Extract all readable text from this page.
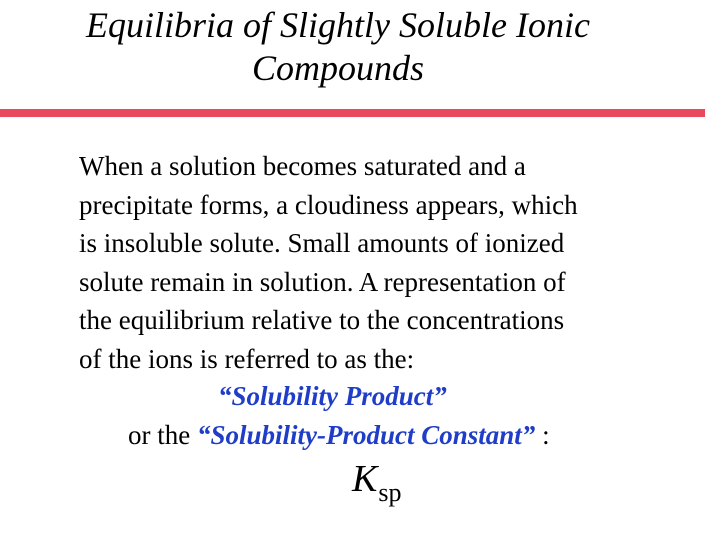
Equilibria of Slightly Soluble Ionic
Compounds

When a solution becomes saturated and a
precipitate forms, a cloudiness appears, which
is insoluble solute. Small amounts of ionized
solute remain in solution. A representation of
the equilibrium relative to the concentrations
of the ions is referred to as the:

“Solubility Product”
or the “Solubility-Product Constant” :
$K_{sp}$
